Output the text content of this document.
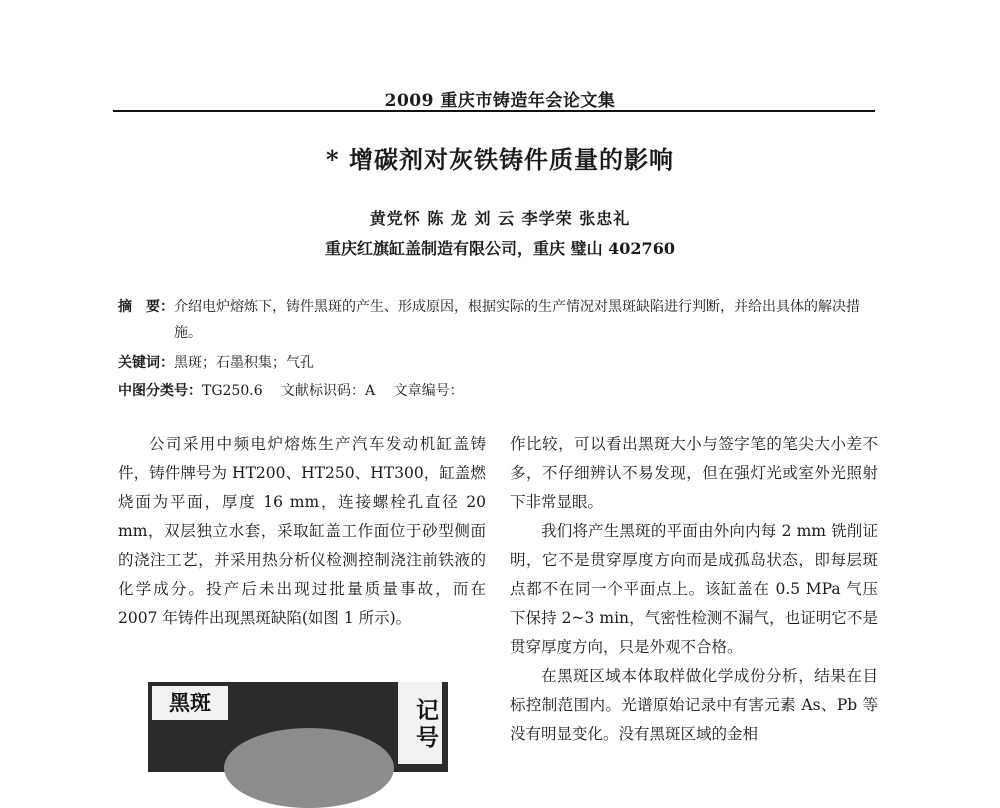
2009 重庆市铸造年会论文集
* 增碳剂对灰铁铸件质量的影响
黄党怀 陈 龙 刘 云 李学荣 张忠礼
重庆红旗缸盖制造有限公司，重庆 璧山 402760
摘　要： 介绍电炉熔炼下，铸件黑斑的产生、形成原因，根据实际的生产情况对黑斑缺陷进行判断，并给出具体的解决措施。
关键词：黑斑；石墨积集；气孔
中图分类号：TG250.6　 文献标识码：A　 文章编号：

公司采用中频电炉熔炼生产汽车发动机缸盖铸件，铸件牌号为 HT200、HT250、HT300，缸盖燃烧面为平面，厚度 16 mm，连接螺栓孔直径 20 mm，双层独立水套，采取缸盖工作面位于砂型侧面的浇注工艺，并采用热分析仪检测控制浇注前铁液的化学成分。投产后未出现过批量质量事故，而在 2007 年铸件出现黑斑缺陷(如图 1 所示)。

作比较，可以看出黑斑大小与签字笔的笔尖大小差不多，不仔细辨认不易发现，但在强灯光或室外光照射下非常显眼。

我们将产生黑斑的平面由外向内每 2 mm 铣削证明，它不是贯穿厚度方向而是成孤岛状态，即每层斑点都不在同一个平面点上。该缸盖在 0.5 MPa 气压下保持 2~3 min，气密性检测不漏气，也证明它不是贯穿厚度方向，只是外观不合格。

在黑斑区域本体取样做化学成份分析，结果在目标控制范围内。光谱原始记录中有害元素 As、Pb 等没有明显变化。没有黑斑区域的金相

黑斑	记号
